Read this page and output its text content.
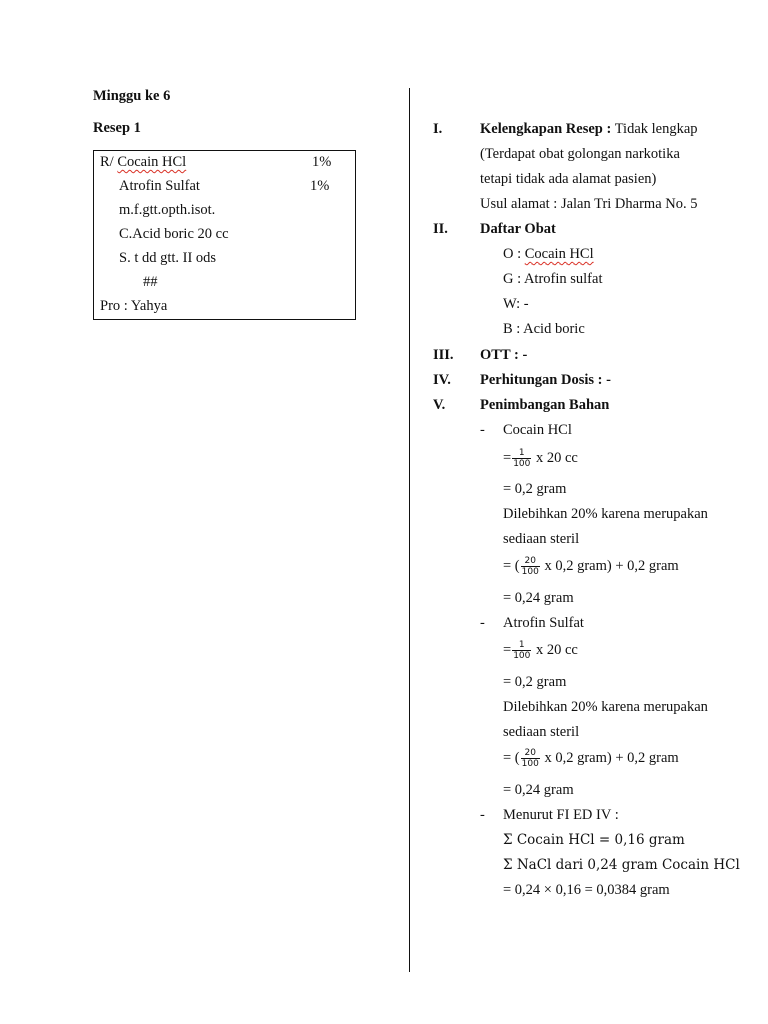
Minggu ke 6
Resep 1
R/ Cocain HCl	1%
Atrofin Sulfat	1%
m.f.gtt.opth.isot.
C.Acid boric 20 cc
S. t dd gtt. II ods
##
Pro : Yahya
I.	Kelengkapan Resep : Tidak lengkap
(Terdapat obat golongan narkotika
tetapi tidak ada alamat pasien)
Usul alamat : Jalan Tri Dharma No. 5
II. Daftar Obat
O : Cocain HCl
G : Atrofin sulfat
W: -
B : Acid boric
III. OTT : -
IV. Perhitungan Dosis : -
V. Penimbangan Bahan
- Cocain HCl
= $\frac{1}{100}$ x 20 cc
= 0,2 gram
Dilebihkan 20% karena merupakan
sediaan steril
= ( $\frac{20}{100}$ x 0,2 gram) + 0,2 gram
= 0,24 gram
- Atrofin Sulfat
= $\frac{1}{100}$ x 20 cc
= 0,2 gram
Dilebihkan 20% karena merupakan
sediaan steril
= ( $\frac{20}{100}$ x 0,2 gram) + 0,2 gram
= 0,24 gram
- Menurut FI ED IV :
Σ Cocain HCl = 0,16 gram
Σ NaCl dari 0,24 gram Cocain HCl
= 0,24 × 0,16 = 0,0384 gram
